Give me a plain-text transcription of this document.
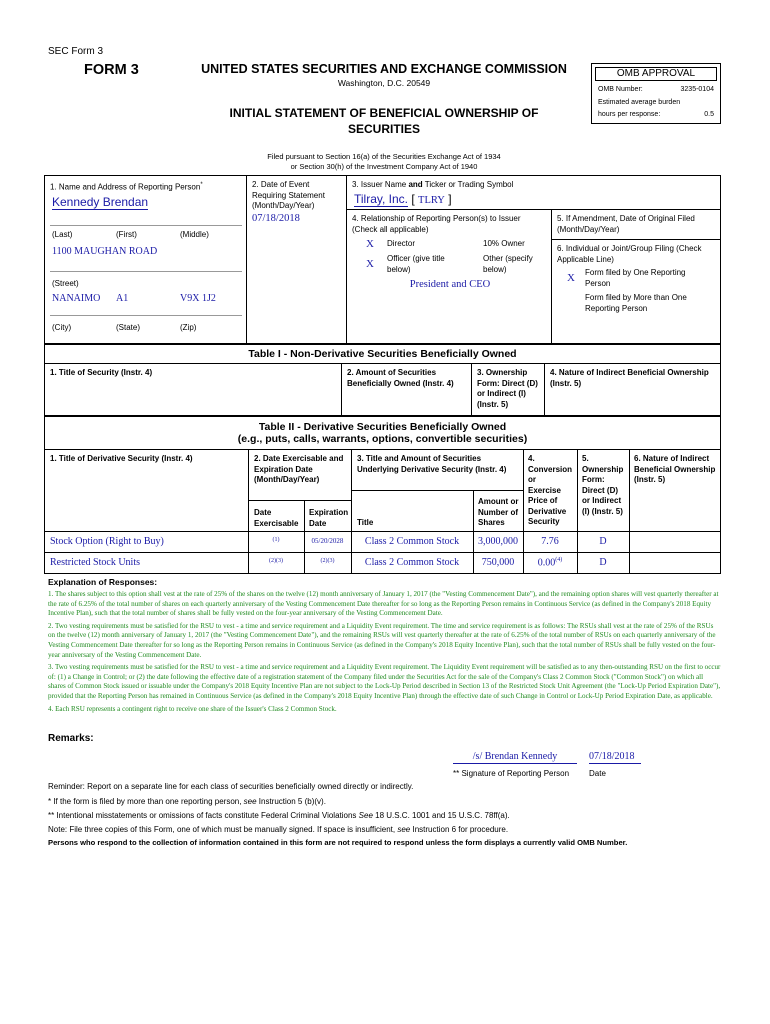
SEC Form 3
FORM 3	UNITED STATES SECURITIES AND EXCHANGE COMMISSION
Washington, D.C. 20549
INITIAL STATEMENT OF BENEFICIAL OWNERSHIP OF
SECURITIES
OMB APPROVAL
OMB Number:	3235-0104
Estimated average burden
hours per response:	0.5
Filed pursuant to Section 16(a) of the Securities Exchange Act of 1934
or Section 30(h) of the Investment Company Act of 1940
1. Name and Address of Reporting Person*
Kennedy Brendan
(Last)	(First)	(Middle)
1100 MAUGHAN ROAD
(Street)
NANAIMO A1	V9X 1J2
(City)	(State)	(Zip)
2. Date of Event
Requiring Statement
(Month/Day/Year)
07/18/2018
3. Issuer Name and Ticker or Trading Symbol
Tilray, Inc. [ TLRY ]
4. Relationship of Reporting Person(s) to Issuer
(Check all applicable)
X Director	10% Owner
X Officer (give title
below)
Other (specify
below)
President and CEO
5. If Amendment, Date of Original Filed
(Month/Day/Year)
6. Individual or Joint/Group Filing (Check
Applicable Line)
X Form filed by One Reporting
Person
Form filed by More than One
Reporting Person
Table I - Non-Derivative Securities Beneficially Owned
1. Title of Security (Instr. 4)	2. Amount of Securities
Beneficially Owned (Instr. 4)
3. Ownership
Form: Direct (D)
or Indirect (I)
(Instr. 5)
4. Nature of Indirect Beneficial Ownership
(Instr. 5)
Table II - Derivative Securities Beneficially Owned
(e.g., puts, calls, warrants, options, convertible securities)
1. Title of Derivative Security (Instr. 4)	2. Date Exercisable and
Expiration Date
(Month/Day/Year)
3. Title and Amount of Securities
Underlying Derivative Security (Instr. 4)
4.
Conversion
or
Exercise
Price of
Derivative
Security
5.
Ownership
Form:
Direct (D)
or Indirect
(I) (Instr. 5)
6. Nature of Indirect
Beneficial Ownership
(Instr. 5)
Date
Exercisable
Expiration
Date	Title
Amount or
Number of
Shares
Stock Option (Right to Buy)	(1)	05/20/2028	Class 2 Common Stock	3,000,000	7.76	D
Restricted Stock Units	(2)(3)	(2)(3)	Class 2 Common Stock	750,000	0.00$^{(4)}$	D
Explanation of Responses:
1. The shares subject to this option shall vest at the rate of 25% of the shares on the twelve (12) month anniversary of January 1, 2017 (the "Vesting Commencement Date"), and the remaining option shares will vest quarterly thereafter at the rate of 6.25% of the total number of shares on each quarterly anniversary of the Vesting Commencement Date thereafter for so long as the Reporting Person remains in Continuous Service (as defined in the Company's 2018 Equity Incentive Plan), such that the total number of shares shall be fully vested on the four-year anniversary of the Vesting Commencement Date.
2. Two vesting requirements must be satisfied for the RSU to vest - a time and service requirement and a Liquidity Event requirement. The time and service requirement is as follows: The RSUs shall vest at the rate of 25% of the RSUs on the twelve (12) month anniversary of January 1, 2017 (the "Vesting Commencement Date"), and the remaining RSUs will vest quarterly thereafter at the rate of 6.25% of the total number of RSUs on each quarterly anniversary of the Vesting Commencement Date thereafter for so long as the Reporting Person remains in Continuous Service (as defined in the Company's 2018 Equity Incentive Plan), such that the total number of RSUs shall be fully vested on the four-year anniversary of the Vesting Commencement Date.
3. Two vesting requirements must be satisfied for the RSU to vest - a time and service requirement and a Liquidity Event requirement. The Liquidity Event requirement will be satisfied as to any then-outstanding RSU on the first to occur of: (1) a Change in Control; or (2) the date following the effective date of a registration statement of the Company filed under the Securities Act for the sale of the Company's Class 2 Common Stock ("Common Stock") on which all shares of Common Stock issued or issuable under the Company's 2018 Equity Incentive Plan are not subject to the Lock-Up Period described in Section 13 of the Restricted Stock Unit Agreement (the "Lock-Up Period Expiration Date"), provided that the Reporting Person has remained in Continuous Service (as defined in the Company's 2018 Equity Incentive Plan) through the effective date of such Change in Control or Lock-Up Period Expiration Date, as applicable.
4. Each RSU represents a contingent right to receive one share of the Issuer's Class 2 Common Stock.
Remarks:
/s/ Brendan Kennedy	07/18/2018
** Signature of Reporting Person Date
Reminder: Report on a separate line for each class of securities beneficially owned directly or indirectly.
* If the form is filed by more than one reporting person, see Instruction 5 (b)(v).
** Intentional misstatements or omissions of facts constitute Federal Criminal Violations See 18 U.S.C. 1001 and 15 U.S.C. 78ff(a).
Note: File three copies of this Form, one of which must be manually signed. If space is insufficient, see Instruction 6 for procedure.
Persons who respond to the collection of information contained in this form are not required to respond unless the form displays a currently valid OMB Number.
